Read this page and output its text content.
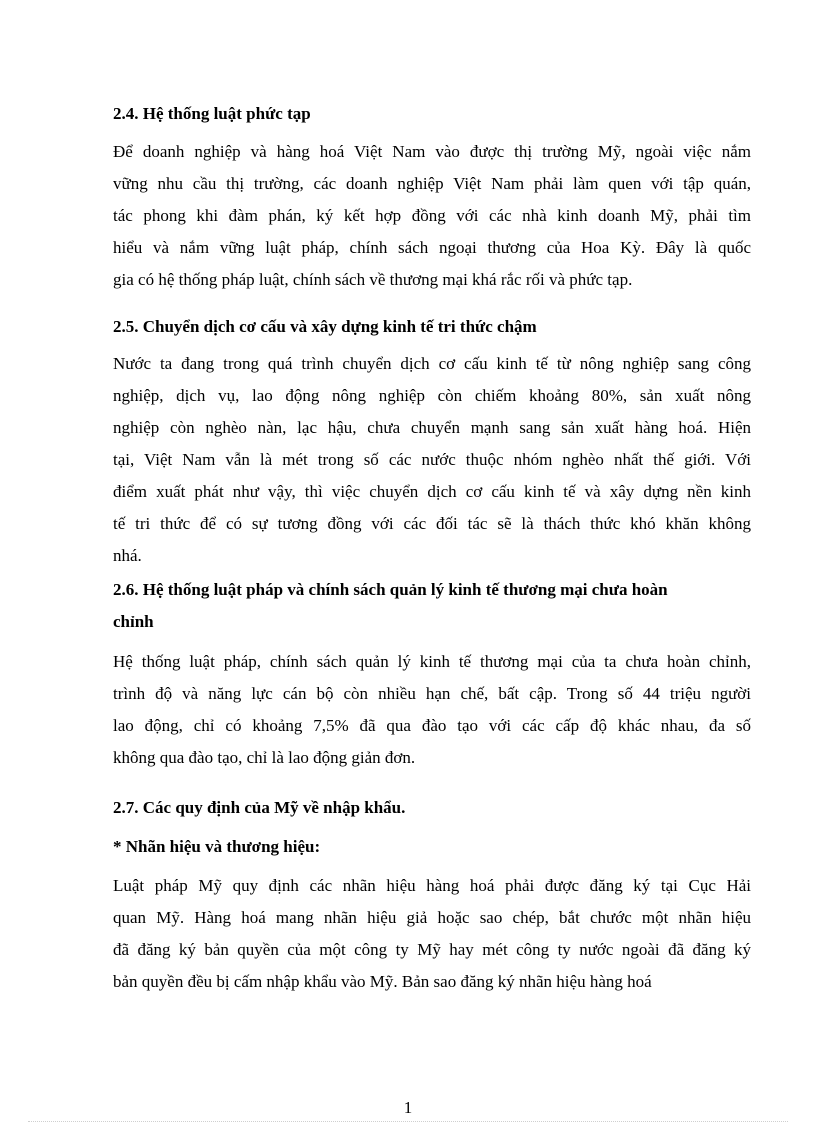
2.4. Hệ thống luật phức tạp
Để doanh nghiệp và hàng hoá Việt Nam vào được thị trường Mỹ, ngoài việc nắm
vững nhu cầu thị trường, các doanh nghiệp Việt Nam phải làm quen với tập quán,
tác phong khi đàm phán, ký kết hợp đồng với các nhà kinh doanh Mỹ, phải tìm
hiểu và nắm vững luật pháp, chính sách ngoại thương của Hoa Kỳ. Đây là quốc
gia có hệ thống pháp luật, chính sách về thương mại khá rắc rối và phức tạp.
2.5. Chuyển dịch cơ cấu và xây dựng kinh tế tri thức chậm
Nước ta đang trong quá trình chuyển dịch cơ cấu kinh tế từ nông nghiệp sang công
nghiệp, dịch vụ, lao động nông nghiệp còn chiếm khoảng 80%, sản xuất nông
nghiệp còn nghèo nàn, lạc hậu, chưa chuyển mạnh sang sản xuất hàng hoá. Hiện
tại, Việt Nam vẫn là mét trong số các nước thuộc nhóm nghèo nhất thế giới. Với
điểm xuất phát như vậy, thì việc chuyển dịch cơ cấu kinh tế và xây dựng nền kinh
tế tri thức để có sự tương đồng với các đối tác sẽ là thách thức khó khăn không
nhá.
2.6. Hệ thống luật pháp và chính sách quản lý kinh tế thương mại chưa hoàn
chỉnh
Hệ thống luật pháp, chính sách quản lý kinh tế thương mại của ta chưa hoàn chỉnh,
trình độ và năng lực cán bộ còn nhiều hạn chế, bất cập. Trong số 44 triệu người
lao động, chỉ có khoảng 7,5% đã qua đào tạo với các cấp độ khác nhau, đa số
không qua đào tạo, chỉ là lao động giản đơn.
2.7. Các quy định của Mỹ về nhập khẩu.
* Nhãn hiệu và thương hiệu:
Luật pháp Mỹ quy định các nhãn hiệu hàng hoá phải được đăng ký tại Cục Hải
quan Mỹ. Hàng hoá mang nhãn hiệu giả hoặc sao chép, bắt chước một nhãn hiệu
đã đăng ký bản quyền của một công ty Mỹ hay mét công ty nước ngoài đã đăng ký
bản quyền đều bị cấm nhập khẩu vào Mỹ. Bản sao đăng ký nhãn hiệu hàng hoá
1
